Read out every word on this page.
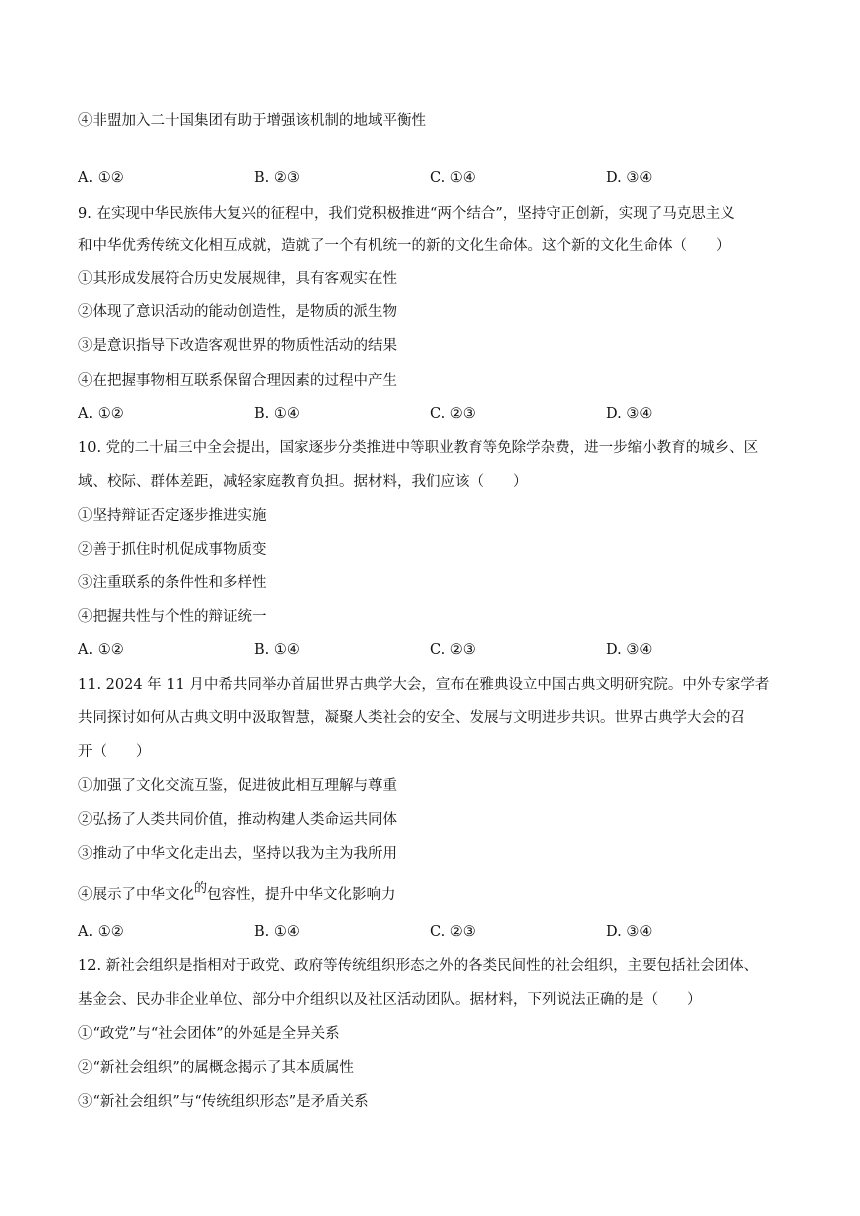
④非盟加入二十国集团有助于增强该机制的地域平衡性
A. ①②	B. ②③	C. ①④	D. ③④
9. 在实现中华民族伟大复兴的征程中，我们党积极推进“两个结合”，坚持守正创新，实现了马克思主义
和中华优秀传统文化相互成就，造就了一个有机统一的新的文化生命体。这个新的文化生命体（　　）
①其形成发展符合历史发展规律，具有客观实在性
②体现了意识活动的能动创造性，是物质的派生物
③是意识指导下改造客观世界的物质性活动的结果
④在把握事物相互联系保留合理因素的过程中产生
A. ①②	B. ①④	C. ②③	D. ③④
10. 党的二十届三中全会提出，国家逐步分类推进中等职业教育等免除学杂费，进一步缩小教育的城乡、区
域、校际、群体差距，减轻家庭教育负担。据材料，我们应该（　　）
①坚持辩证否定逐步推进实施
②善于抓住时机促成事物质变
③注重联系的条件性和多样性
④把握共性与个性的辩证统一
A. ①②	B. ①④	C. ②③	D. ③④
11. 2024 年 11 月中希共同举办首届世界古典学大会，宣布在雅典设立中国古典文明研究院。中外专家学者
共同探讨如何从古典文明中汲取智慧，凝聚人类社会的安全、发展与文明进步共识。世界古典学大会的召
开（　　）
①加强了文化交流互鉴，促进彼此相互理解与尊重
②弘扬了人类共同价值，推动构建人类命运共同体
③推动了中华文化走出去，坚持以我为主为我所用
④展示了中华文化的包容性，提升中华文化影响力
A. ①②	B. ①④	C. ②③	D. ③④
12. 新社会组织是指相对于政党、政府等传统组织形态之外的各类民间性的社会组织，主要包括社会团体、
基金会、民办非企业单位、部分中介组织以及社区活动团队。据材料，下列说法正确的是（　　）
①“政党”与“社会团体”的外延是全异关系
②“新社会组织”的属概念揭示了其本质属性
③“新社会组织”与“传统组织形态”是矛盾关系
